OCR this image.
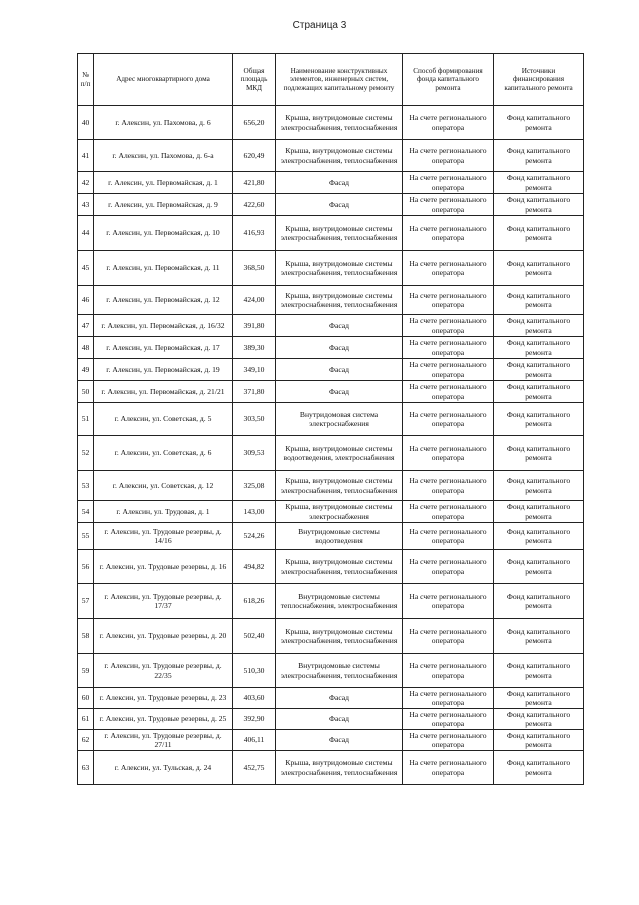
Страница 3
№ п/п	Адрес многоквартирного дома	Общая площадь МКД	Наименование конструктивных элементов, инженерных систем, подлежащих капитальному ремонту	Способ формирования фонда капитального ремонта	Источники финансирования капитального ремонта
40	г. Алексин, ул. Пахомова, д. 6	656,20	Крыша, внутридомовые системы электроснабжения, теплоснабжения	На счете регионального оператора	Фонд капитального ремонта
41	г. Алексин, ул. Пахомова, д. 6-а	620,49	Крыша, внутридомовые системы электроснабжения, теплоснабжения	На счете регионального оператора	Фонд капитального ремонта
42	г. Алексин, ул. Первомайская, д. 1	421,80	Фасад	На счете регионального оператора	Фонд капитального ремонта
43	г. Алексин, ул. Первомайская, д. 9	422,60	Фасад	На счете регионального оператора	Фонд капитального ремонта
44	г. Алексин, ул. Первомайская, д. 10	416,93	Крыша, внутридомовые системы электроснабжения, теплоснабжения	На счете регионального оператора	Фонд капитального ремонта
45	г. Алексин, ул. Первомайская, д. 11	368,50	Крыша, внутридомовые системы электроснабжения, теплоснабжения	На счете регионального оператора	Фонд капитального ремонта
46	г. Алексин, ул. Первомайская, д. 12	424,00	Крыша, внутридомовые системы электроснабжения, теплоснабжения	На счете регионального оператора	Фонд капитального ремонта
47	г. Алексин, ул. Первомайская, д. 16/32	391,80	Фасад	На счете регионального оператора	Фонд капитального ремонта
48	г. Алексин, ул. Первомайская, д. 17	389,30	Фасад	На счете регионального оператора	Фонд капитального ремонта
49	г. Алексин, ул. Первомайская, д. 19	349,10	Фасад	На счете регионального оператора	Фонд капитального ремонта
50	г. Алексин, ул. Первомайская, д. 21/21	371,80	Фасад	На счете регионального оператора	Фонд капитального ремонта
51	г. Алексин, ул. Советская, д. 5	303,50	Внутридомовая система электроснабжения	На счете регионального оператора	Фонд капитального ремонта
52	г. Алексин, ул. Советская, д. 6	309,53	Крыша, внутридомовые системы водоотведения, электроснабжения	На счете регионального оператора	Фонд капитального ремонта
53	г. Алексин, ул. Советская, д. 12	325,08	Крыша, внутридомовые системы электроснабжения, теплоснабжения	На счете регионального оператора	Фонд капитального ремонта
54	г. Алексин, ул. Трудовая, д. 1	143,00	Крыша, внутридомовые системы электроснабжения	На счете регионального оператора	Фонд капитального ремонта
55	г. Алексин, ул. Трудовые резервы, д. 14/16	524,26	Внутридомовые системы водоотведения	На счете регионального оператора	Фонд капитального ремонта
56	г. Алексин, ул. Трудовые резервы, д. 16	494,82	Крыша, внутридомовые системы электроснабжения, теплоснабжения	На счете регионального оператора	Фонд капитального ремонта
57	г. Алексин, ул. Трудовые резервы, д. 17/37	618,26	Внутридомовые системы теплоснабжения, электроснабжения	На счете регионального оператора	Фонд капитального ремонта
58	г. Алексин, ул. Трудовые резервы, д. 20	502,40	Крыша, внутридомовые системы электроснабжения, теплоснабжения	На счете регионального оператора	Фонд капитального ремонта
59	г. Алексин, ул. Трудовые резервы, д. 22/35	510,30	Внутридомовые системы электроснабжения, теплоснабжения	На счете регионального оператора	Фонд капитального ремонта
60	г. Алексин, ул. Трудовые резервы, д. 23	403,60	Фасад	На счете регионального оператора	Фонд капитального ремонта
61	г. Алексин, ул. Трудовые резервы, д. 25	392,90	Фасад	На счете регионального оператора	Фонд капитального ремонта
62	г. Алексин, ул. Трудовые резервы, д. 27/11	406,11	Фасад	На счете регионального оператора	Фонд капитального ремонта
63	г. Алексин, ул. Тульская, д. 24	452,75	Крыша, внутридомовые системы электроснабжения, теплоснабжения	На счете регионального оператора	Фонд капитального ремонта
